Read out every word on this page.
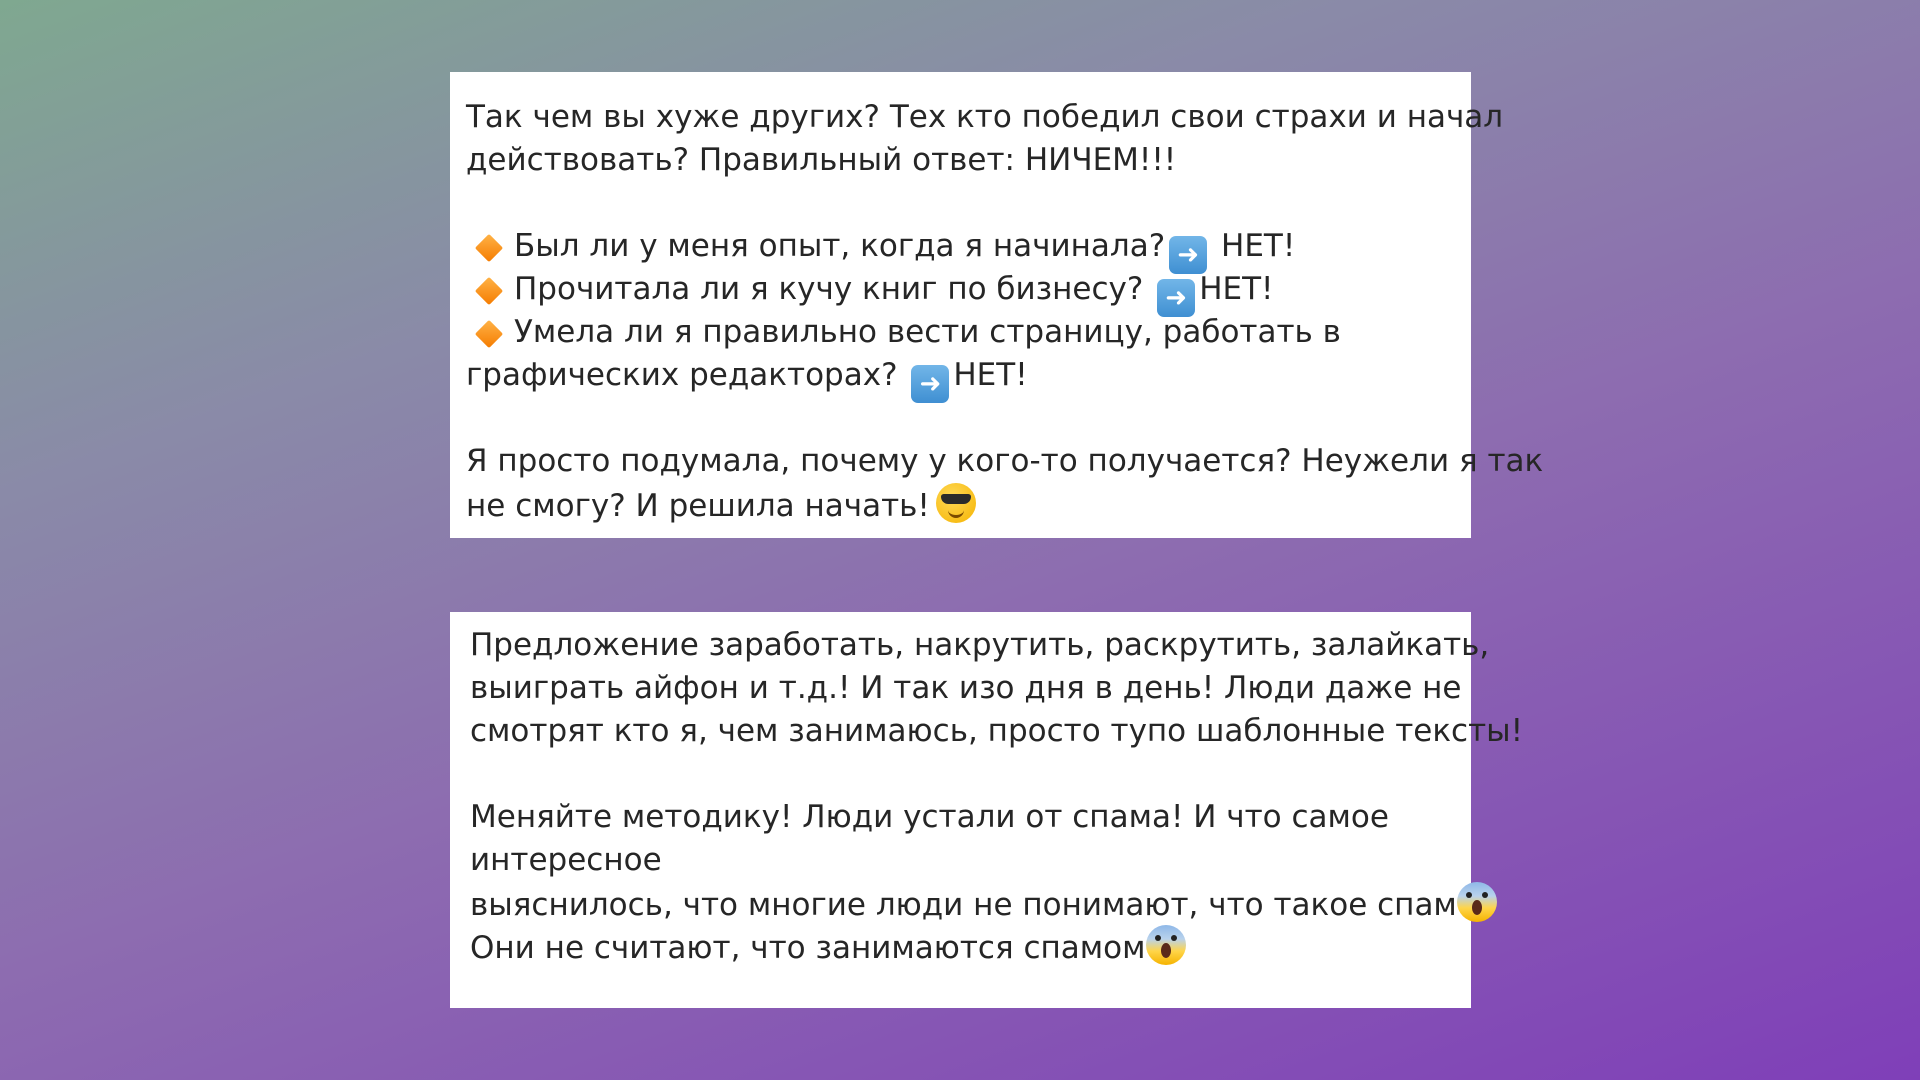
Так чем вы хуже других? Тех кто победил свои страхи и начал
действовать? Правильный ответ: НИЧЕМ!!!
Был ли у меня опыт, когда я начинала? ➜ НЕТ!
Прочитала ли я кучу книг по бизнесу? ➜ НЕТ!
Умела ли я правильно вести страницу, работать в
графических редакторах? ➜ НЕТ!
Я просто подумала, почему у кого-то получается? Неужели я так
не смогу? И решила начать!
Предложение заработать, накрутить, раскрутить, залайкать,
выиграть айфон и т.д.! И так изо дня в день! Люди даже не
смотрят кто я, чем занимаюсь, просто тупо шаблонные тексты!
Меняйте методику! Люди устали от спама! И что самое
интересное
выяснилось, что многие люди не понимают, что такое спам
Они не считают, что занимаются спамом
